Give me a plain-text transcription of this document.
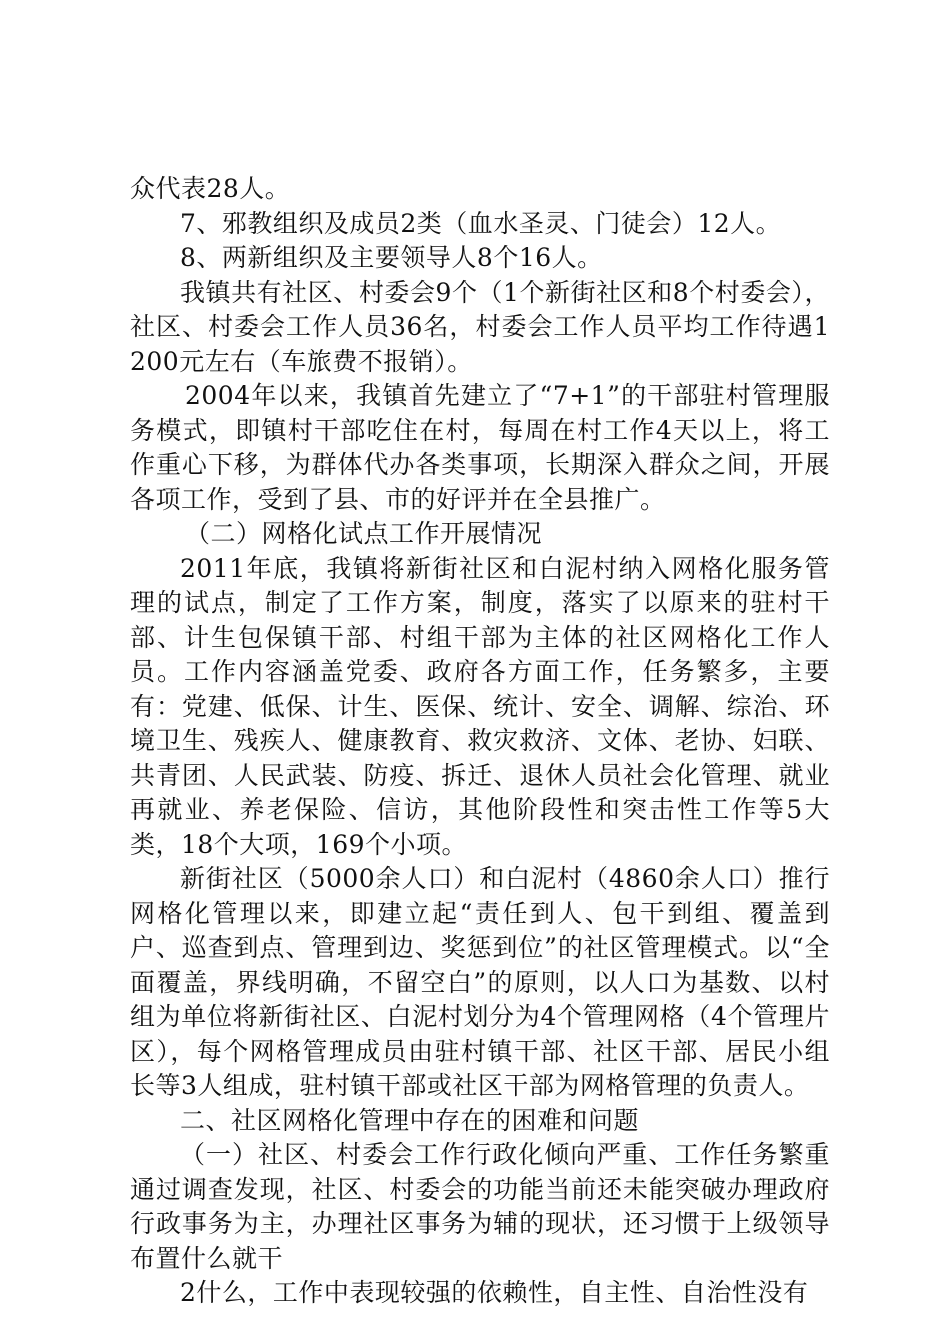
众代表28人。

7、邪教组织及成员2类（血水圣灵、门徒会）12人。

8、两新组织及主要领导人8个16人。

我镇共有社区、村委会9个（1个新街社区和8个村委会），社区、村委会工作人员36名，村委会工作人员平均工作待遇1200元左右（车旅费不报销）。

2004年以来，我镇首先建立了“7+1”的干部驻村管理服务模式，即镇村干部吃住在村，每周在村工作4天以上，将工作重心下移，为群体代办各类事项，长期深入群众之间，开展各项工作，受到了县、市的好评并在全县推广。

（二）网格化试点工作开展情况

2011年底，我镇将新街社区和白泥村纳入网格化服务管理的试点，制定了工作方案，制度，落实了以原来的驻村干部、计生包保镇干部、村组干部为主体的社区网格化工作人员。工作内容涵盖党委、政府各方面工作，任务繁多，主要有：党建、低保、计生、医保、统计、安全、调解、综治、环境卫生、残疾人、健康教育、救灾救济、文体、老协、妇联、共青团、人民武装、防疫、拆迁、退休人员社会化管理、就业再就业、养老保险、信访，其他阶段性和突击性工作等5大类，18个大项，169个小项。

新街社区（5000余人口）和白泥村（4860余人口）推行网格化管理以来，即建立起“责任到人、包干到组、覆盖到户、巡查到点、管理到边、奖惩到位”的社区管理模式。以“全面覆盖，界线明确，不留空白”的原则，以人口为基数、以村组为单位将新街社区、白泥村划分为4个管理网格（4个管理片区），每个网格管理成员由驻村镇干部、社区干部、居民小组长等3人组成，驻村镇干部或社区干部为网格管理的负责人。

二、社区网格化管理中存在的困难和问题

（一）社区、村委会工作行政化倾向严重、工作任务繁重通过调查发现，社区、村委会的功能当前还未能突破办理政府行政事务为主，办理社区事务为辅的现状，还习惯于上级领导布置什么就干

2什么，工作中表现较强的依赖性，自主性、自治性没有
